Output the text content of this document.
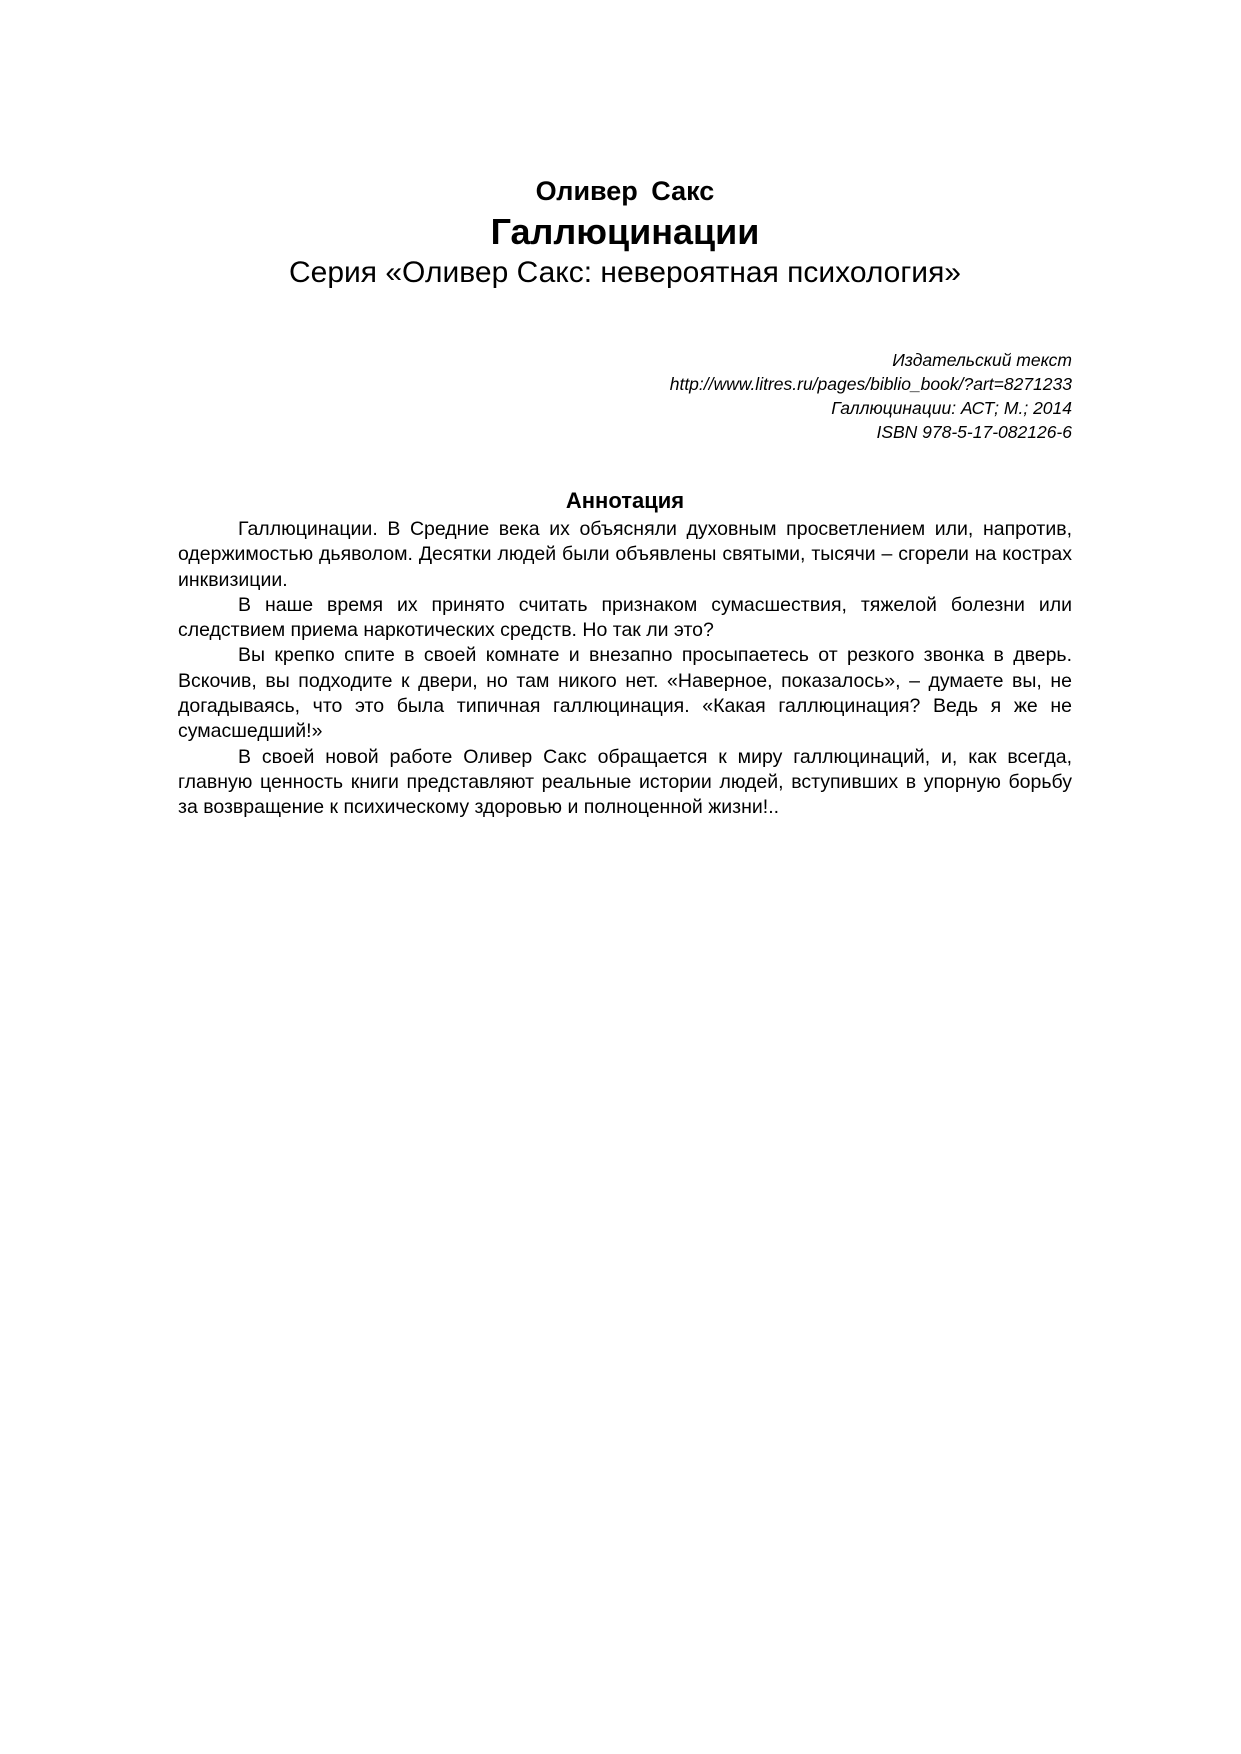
Оливер Сакс
Галлюцинации
Серия «Оливер Сакс: невероятная психология»
Издательский текст
http://www.litres.ru/pages/biblio_book/?art=8271233
Галлюцинации: АСТ; М.; 2014
ISBN 978-5-17-082126-6
Аннотация

Галлюцинации. В Средние века их объясняли духовным просветлением или, напротив, одержимостью дьяволом. Десятки людей были объявлены святыми, тысячи – сгорели на кострах инквизиции.

В наше время их принято считать признаком сумасшествия, тяжелой болезни или следствием приема наркотических средств. Но так ли это?

Вы крепко спите в своей комнате и внезапно просыпаетесь от резкого звонка в дверь. Вскочив, вы подходите к двери, но там никого нет. «Наверное, показалось», – думаете вы, не догадываясь, что это была типичная галлюцинация. «Какая галлюцинация? Ведь я же не сумасшедший!»

В своей новой работе Оливер Сакс обращается к миру галлюцинаций, и, как всегда, главную ценность книги представляют реальные истории людей, вступивших в упорную борьбу за возвращение к психическому здоровью и полноценной жизни!..
